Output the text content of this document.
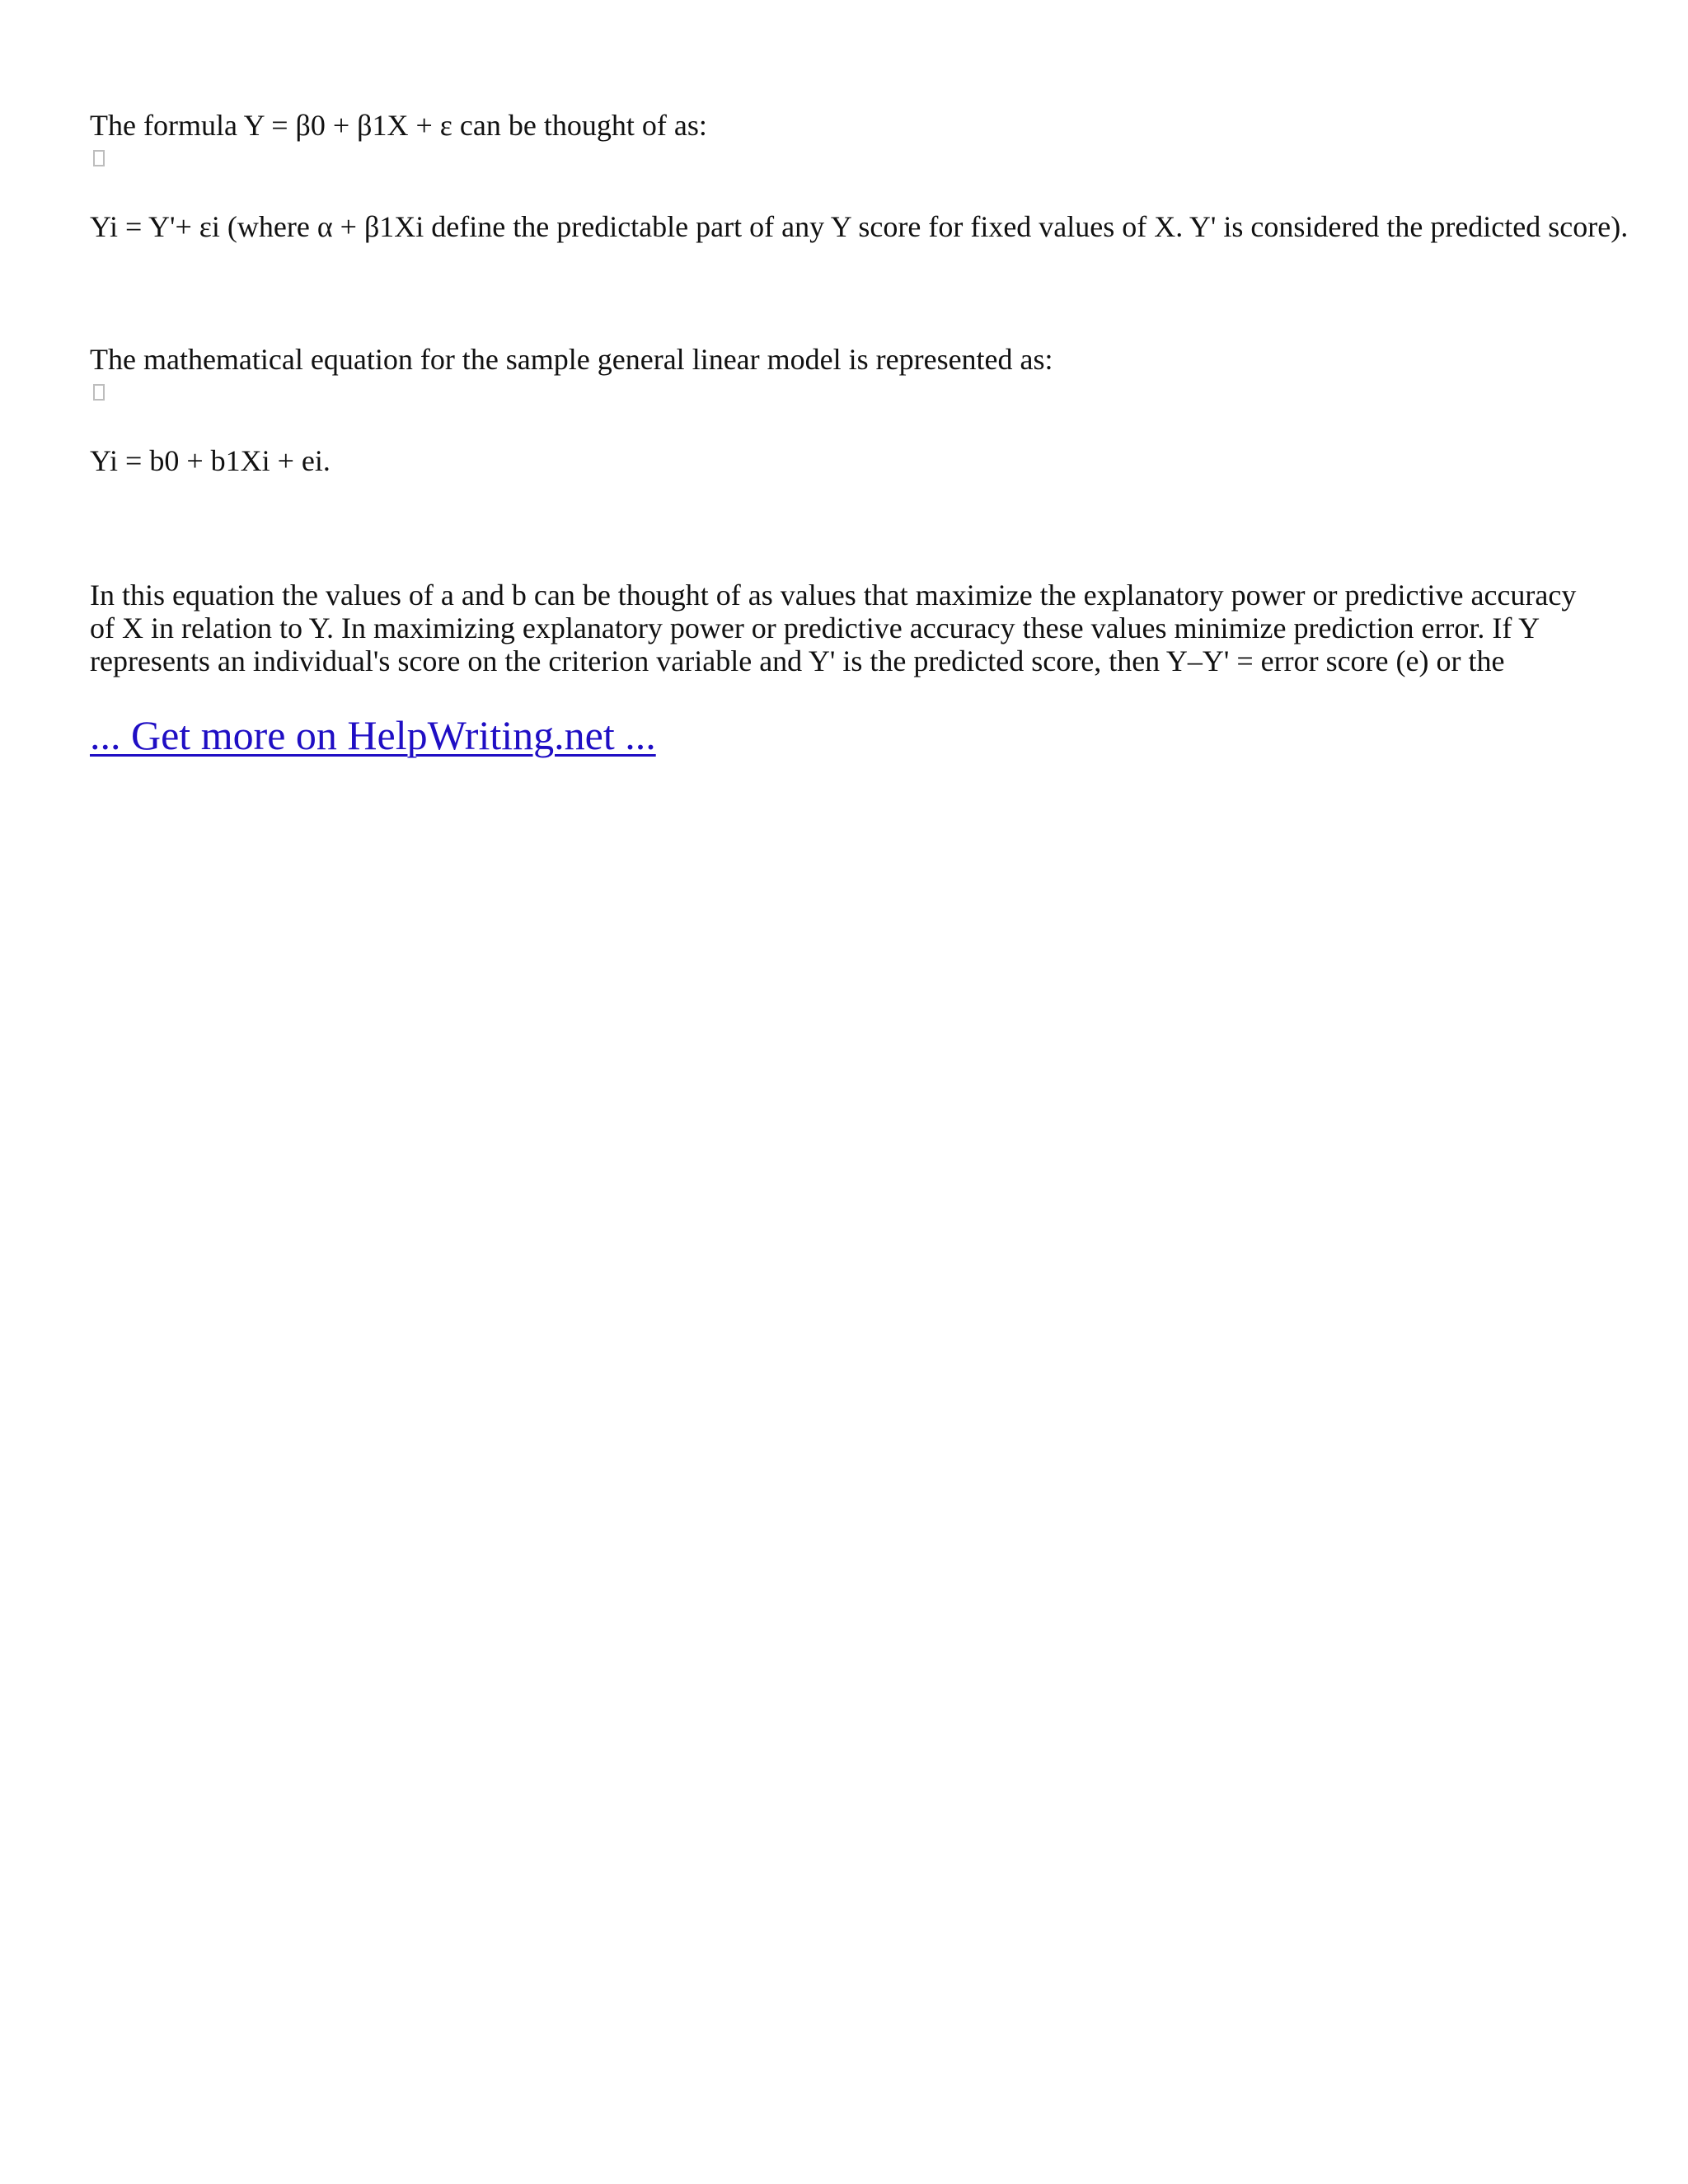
The formula Y = β0 + β1X + ε can be thought of as:
Yi = Y'+ εi (where α + β1Xi define the predictable part of any Y score for fixed values of X. Y' is considered the predicted score).
The mathematical equation for the sample general linear model is represented as:
Yi = b0 + b1Xi + ei.
In this equation the values of a and b can be thought of as values that maximize the explanatory power or predictive accuracy of X in relation to Y. In maximizing explanatory power or predictive accuracy these values minimize prediction error. If Y represents an individual's score on the criterion variable and Y' is the predicted score, then Y–Y' = error score (e) or the
... Get more on HelpWriting.net ...
